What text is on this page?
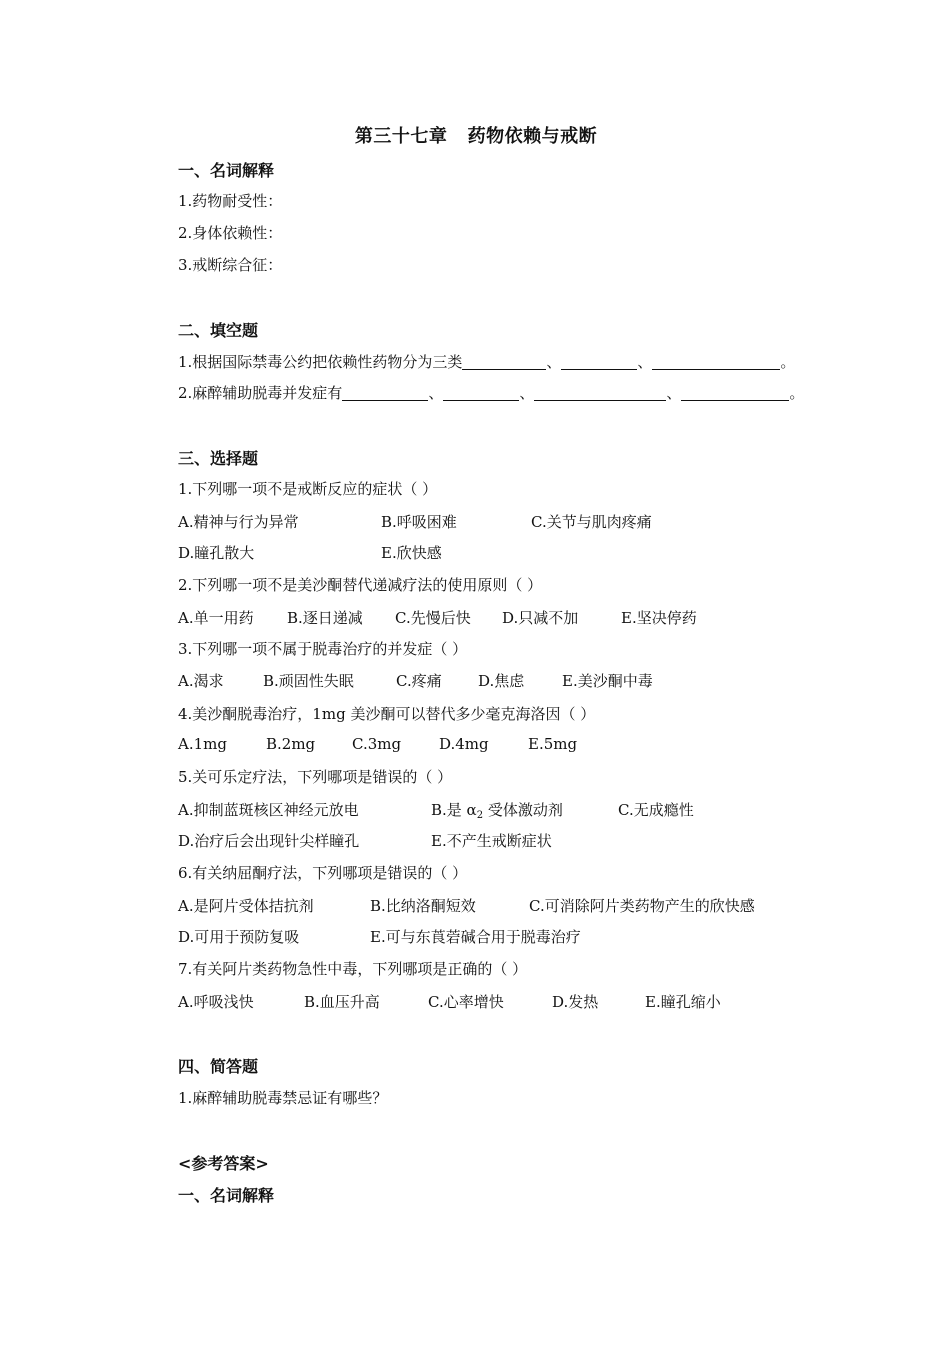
第三十七章   药物依赖与戒断
一、名词解释
1.药物耐受性：
2.身体依赖性：
3.戒断综合征：
二、填空题
1.根据国际禁毒公约把依赖性药物分为三类	、	、	。
2.麻醉辅助脱毒并发症有	、	、	、	。
三、选择题
1.下列哪一项不是戒断反应的症状（ ）
A.精神与行为异常	B.呼吸困难	C.关节与肌肉疼痛
D.瞳孔散大	E.欣快感
2.下列哪一项不是美沙酮替代递减疗法的使用原则（ ）
A.单一用药 B.逐日递减 C.先慢后快 D.只减不加	E.坚决停药
3.下列哪一项不属于脱毒治疗的并发症（ ）
A.渴求	B.顽固性失眠	C.疼痛 D.焦虑	E.美沙酮中毒
4.美沙酮脱毒治疗，1mg 美沙酮可以替代多少毫克海洛因（ ）
A.1mg	B.2mg C.3mg	D.4mg	E.5mg
5.关可乐定疗法，下列哪项是错误的（ ）
A.抑制蓝斑核区神经元放电	B.是 $\alpha_2$ 受体激动剂	C.无成瘾性
D.治疗后会出现针尖样瞳孔	E.不产生戒断症状
6.有关纳屈酮疗法，下列哪项是错误的（ ）
A.是阿片受体拮抗剂	B.比纳洛酮短效	C.可消除阿片类药物产生的欣快感
D.可用于预防复吸	E.可与东莨菪碱合用于脱毒治疗
7.有关阿片类药物急性中毒，下列哪项是正确的（ ）
A.呼吸浅快	B.血压升高	C.心率增快	D.发热	E.瞳孔缩小
四、简答题
1.麻醉辅助脱毒禁忌证有哪些？
<参考答案>
一、名词解释
